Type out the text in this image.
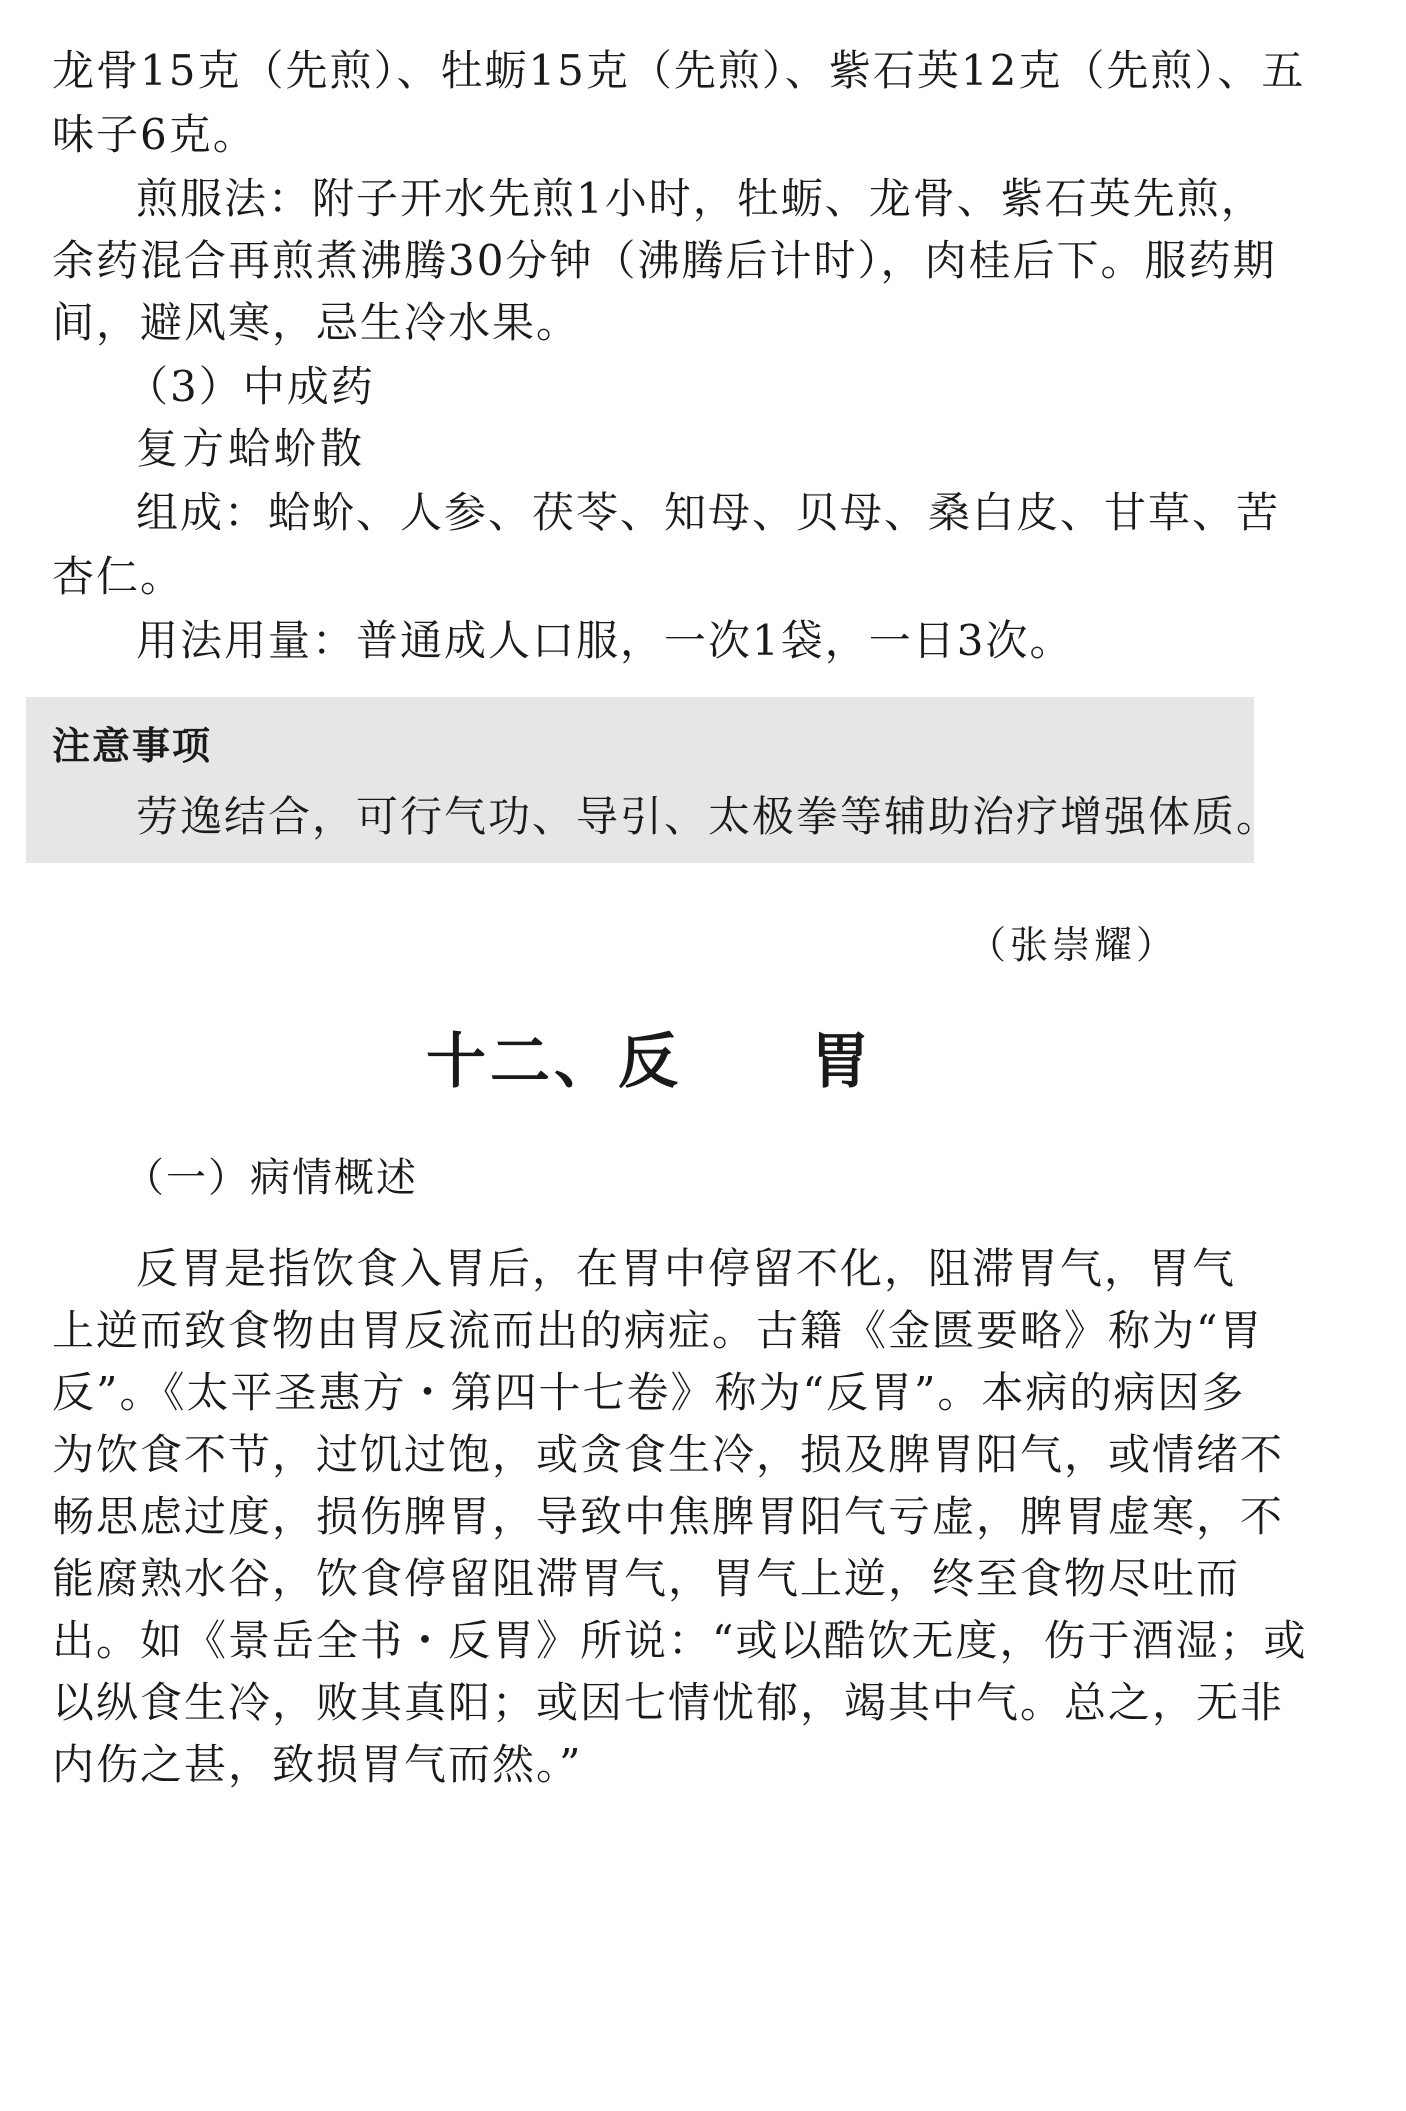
龙骨15克（先煎）、牡蛎15克（先煎）、紫石英12克（先煎）、五
味子6克。
煎服法：附子开水先煎1小时，牡蛎、龙骨、紫石英先煎，
余药混合再煎煮沸腾30分钟（沸腾后计时），肉桂后下。服药期
间，避风寒，忌生冷水果。
（3）中成药
复方蛤蚧散
组成：蛤蚧、人参、茯苓、知母、贝母、桑白皮、甘草、苦
杏仁。
用法用量：普通成人口服，一次1袋，一日3次。
注意事项
劳逸结合，可行气功、导引、太极拳等辅助治疗增强体质。
（张崇耀）
十二、反　　胃
（一）病情概述
反胃是指饮食入胃后，在胃中停留不化，阻滞胃气，胃气
上逆而致食物由胃反流而出的病症。古籍《金匮要略》称为“胃
反”。《太平圣惠方・第四十七卷》称为“反胃”。本病的病因多
为饮食不节，过饥过饱，或贪食生冷，损及脾胃阳气，或情绪不
畅思虑过度，损伤脾胃，导致中焦脾胃阳气亏虚，脾胃虚寒，不
能腐熟水谷，饮食停留阻滞胃气，胃气上逆，终至食物尽吐而
出。如《景岳全书・反胃》所说：“或以酷饮无度，伤于酒湿；或
以纵食生冷，败其真阳；或因七情忧郁，竭其中气。总之，无非
内伤之甚，致损胃气而然。”
